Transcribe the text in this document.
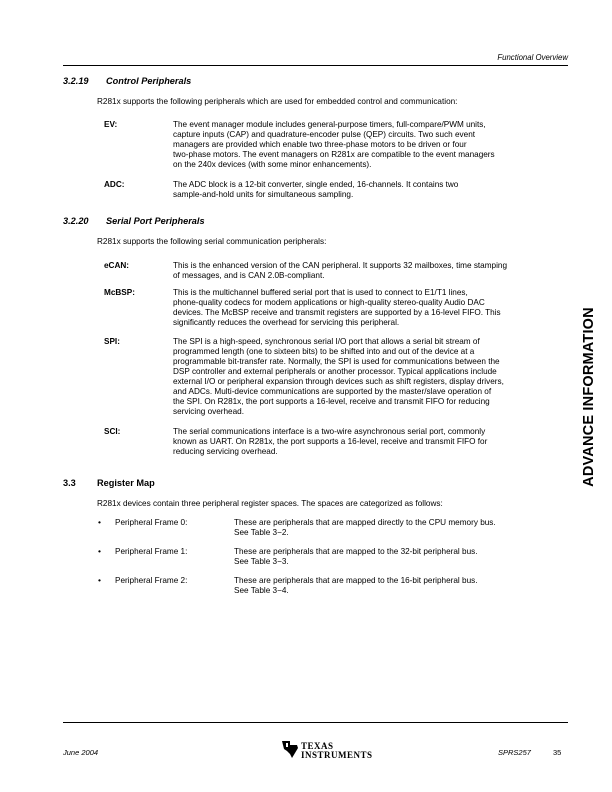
Functional Overview
3.2.19 Control Peripherals
R281x supports the following peripherals which are used for embedded control and communication:
EV:	The event manager module includes general-purpose timers, full-compare/PWM units,
capture inputs (CAP) and quadrature-encoder pulse (QEP) circuits. Two such event
managers are provided which enable two three-phase motors to be driven or four
two-phase motors. The event managers on R281x are compatible to the event managers
on the 240x devices (with some minor enhancements).
ADC:	The ADC block is a 12-bit converter, single ended, 16-channels. It contains two
sample-and-hold units for simultaneous sampling.
3.2.20 Serial Port Peripherals
R281x supports the following serial communication peripherals:
eCAN:	This is the enhanced version of the CAN peripheral. It supports 32 mailboxes, time stamping
of messages, and is CAN 2.0B-compliant.
McBSP:	This is the multichannel buffered serial port that is used to connect to E1/T1 lines,
phone-quality codecs for modem applications or high-quality stereo-quality Audio DAC
devices. The McBSP receive and transmit registers are supported by a 16-level FIFO. This
significantly reduces the overhead for servicing this peripheral.
SPI:	The SPI is a high-speed, synchronous serial I/O port that allows a serial bit stream of
programmed length (one to sixteen bits) to be shifted into and out of the device at a
programmable bit-transfer rate. Normally, the SPI is used for communications between the
DSP controller and external peripherals or another processor. Typical applications include
external I/O or peripheral expansion through devices such as shift registers, display drivers,
and ADCs. Multi-device communications are supported by the master/slave operation of
the SPI. On R281x, the port supports a 16-level, receive and transmit FIFO for reducing
servicing overhead.
SCI:	The serial communications interface is a two-wire asynchronous serial port, commonly
known as UART. On R281x, the port supports a 16-level, receive and transmit FIFO for
reducing servicing overhead.
3.3 Register Map
R281x devices contain three peripheral register spaces. The spaces are categorized as follows:
• Peripheral Frame 0:	These are peripherals that are mapped directly to the CPU memory bus.
See Table 3−2.
• Peripheral Frame 1:	These are peripherals that are mapped to the 32-bit peripheral bus.
See Table 3−3.
• Peripheral Frame 2:	These are peripherals that are mapped to the 16-bit peripheral bus.
See Table 3−4.
ADVANCE INFORMATION
June 2004
TEXAS
INSTRUMENTS	SPRS257	35
